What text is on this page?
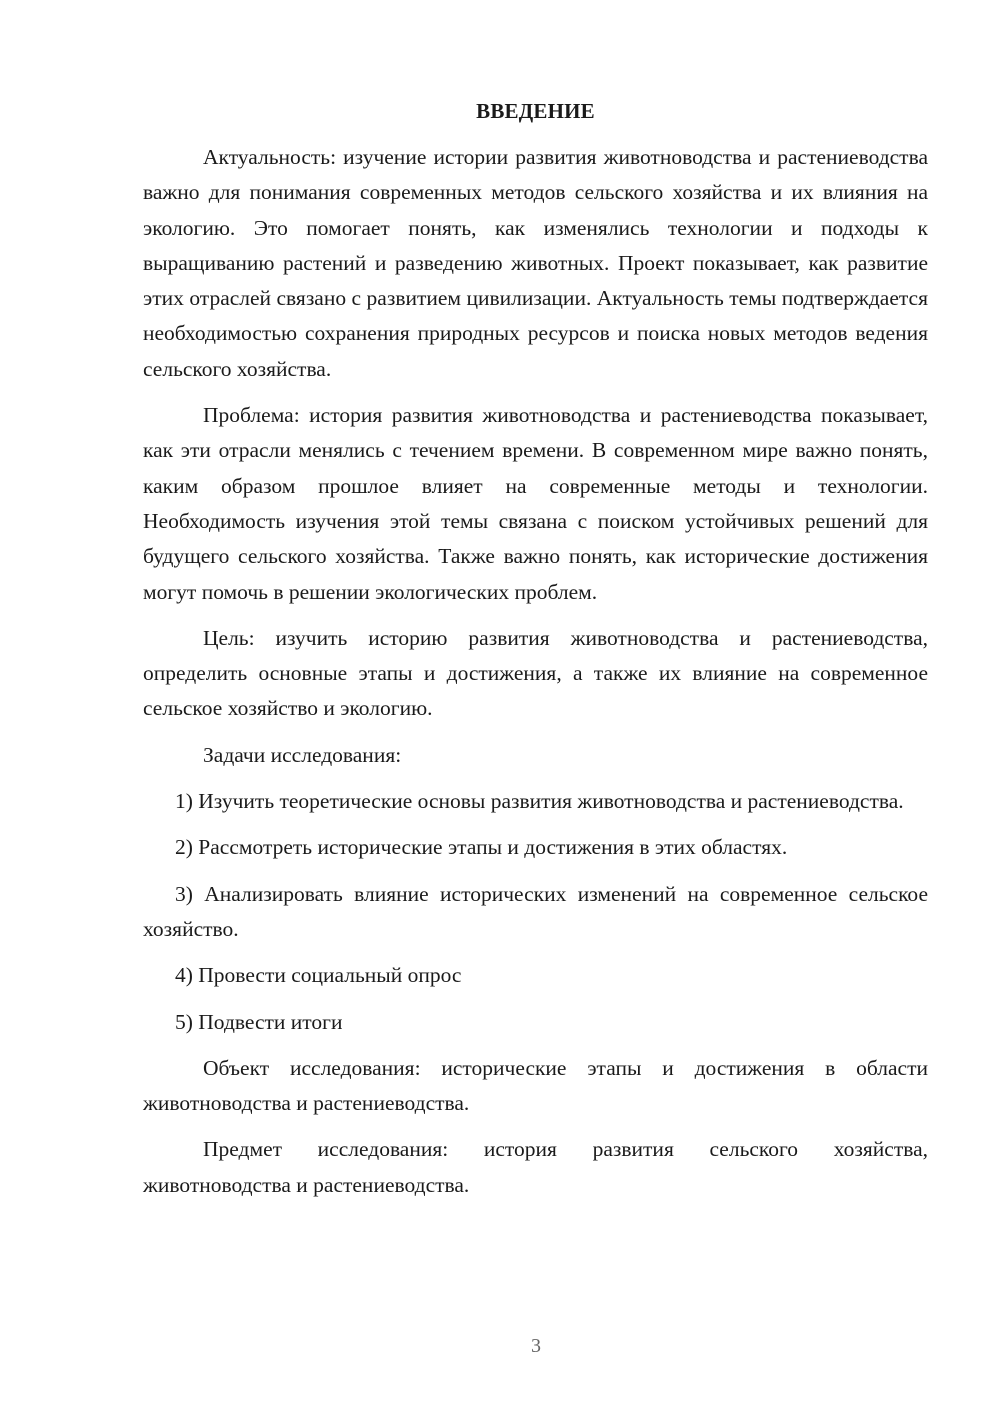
ВВЕДЕНИЕ

Актуальность: изучение истории развития животноводства и растениеводства важно для понимания современных методов сельского хозяйства и их влияния на экологию. Это помогает понять, как изменялись технологии и подходы к выращиванию растений и разведению животных. Проект показывает, как развитие этих отраслей связано с развитием цивилизации. Актуальность темы подтверждается необходимостью сохранения природных ресурсов и поиска новых методов ведения сельского хозяйства.

Проблема: история развития животноводства и растениеводства показывает, как эти отрасли менялись с течением времени. В современном мире важно понять, каким образом прошлое влияет на современные методы и технологии. Необходимость изучения этой темы связана с поиском устойчивых решений для будущего сельского хозяйства. Также важно понять, как исторические достижения могут помочь в решении экологических проблем.

Цель: изучить историю развития животноводства и растениеводства, определить основные этапы и достижения, а также их влияние на современное сельское хозяйство и экологию.

Задачи исследования:

1) Изучить теоретические основы развития животноводства и растениеводства.

2) Рассмотреть исторические этапы и достижения в этих областях.

3) Анализировать влияние исторических изменений на современное сельское хозяйство.

4) Провести социальный опрос

5) Подвести итоги

Объект исследования: исторические этапы и достижения в области животноводства и растениеводства.

Предмет исследования: история развития сельского хозяйства, животноводства и растениеводства.

3
